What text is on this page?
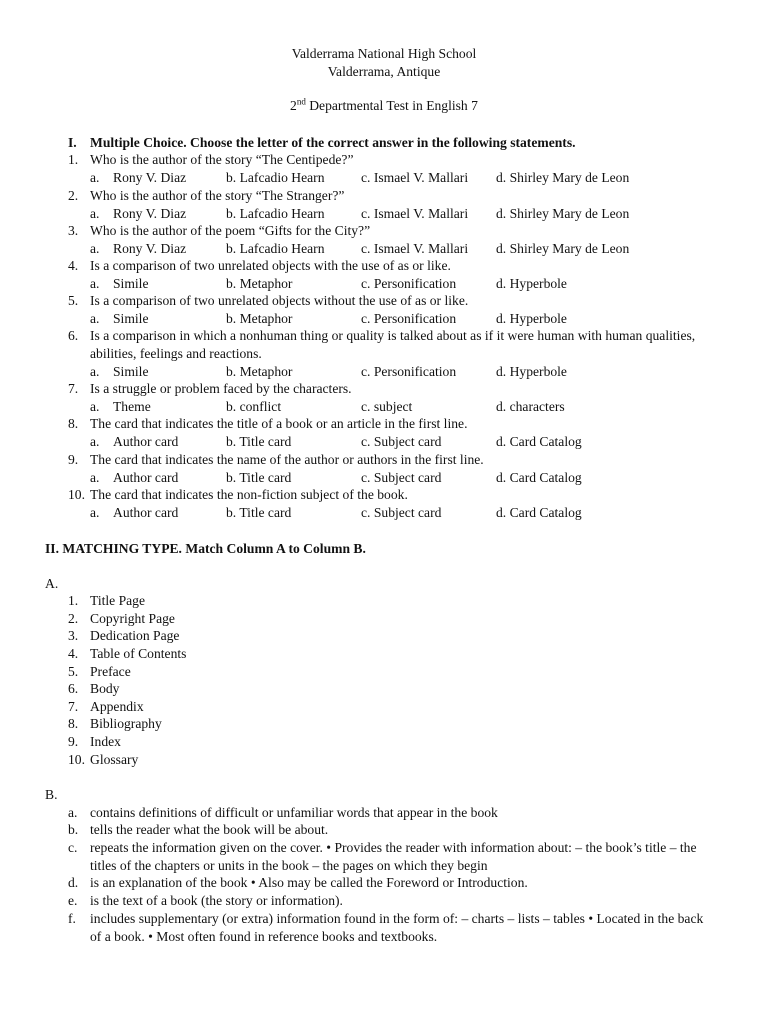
Valderrama National High School
Valderrama, Antique
2nd Departmental Test in English 7
I. Multiple Choice. Choose the letter of the correct answer in the following statements.
1. Who is the author of the story “The Centipede?”
a. Rony V. Diaz	b. Lafcadio Hearn	c. Ismael V. Mallari d. Shirley Mary de Leon
2. Who is the author of the story “The Stranger?”
a. Rony V. Diaz	b. Lafcadio Hearn	c. Ismael V. Mallari d. Shirley Mary de Leon
3. Who is the author of the poem “Gifts for the City?”
a. Rony V. Diaz	b. Lafcadio Hearn	c. Ismael V. Mallari d. Shirley Mary de Leon
4. Is a comparison of two unrelated objects with the use of as or like.
a. Simile	b. Metaphor	c. Personification	d. Hyperbole
5. Is a comparison of two unrelated objects without the use of as or like.
a. Simile	b. Metaphor	c. Personification	d. Hyperbole
6. Is a comparison in which a nonhuman thing or quality is talked about as if it were human with human qualities,
abilities, feelings and reactions.
a. Simile	b. Metaphor	c. Personification	d. Hyperbole
7. Is a struggle or problem faced by the characters.
a. Theme	b. conflict	c. subject	d. characters
8. The card that indicates the title of a book or an article in the first line.
a. Author card	b. Title card	c. Subject card	d. Card Catalog
9. The card that indicates the name of the author or authors in the first line.
a. Author card	b. Title card	c. Subject card	d. Card Catalog
10. The card that indicates the non-fiction subject of the book.
a. Author card	b. Title card	c. Subject card	d. Card Catalog
II. MATCHING TYPE. Match Column A to Column B.
A.
1. Title Page
2. Copyright Page
3. Dedication Page
4. Table of Contents
5. Preface
6. Body
7. Appendix
8. Bibliography
9. Index
10. Glossary
B.
a. contains definitions of difficult or unfamiliar words that appear in the book
b. tells the reader what the book will be about.
c. repeats the information given on the cover. • Provides the reader with information about: – the book’s title – the
titles of the chapters or units in the book – the pages on which they begin
d. is an explanation of the book • Also may be called the Foreword or Introduction.
e. is the text of a book (the story or information).
f. includes supplementary (or extra) information found in the form of: – charts – lists – tables • Located in the back
of a book. • Most often found in reference books and textbooks.
